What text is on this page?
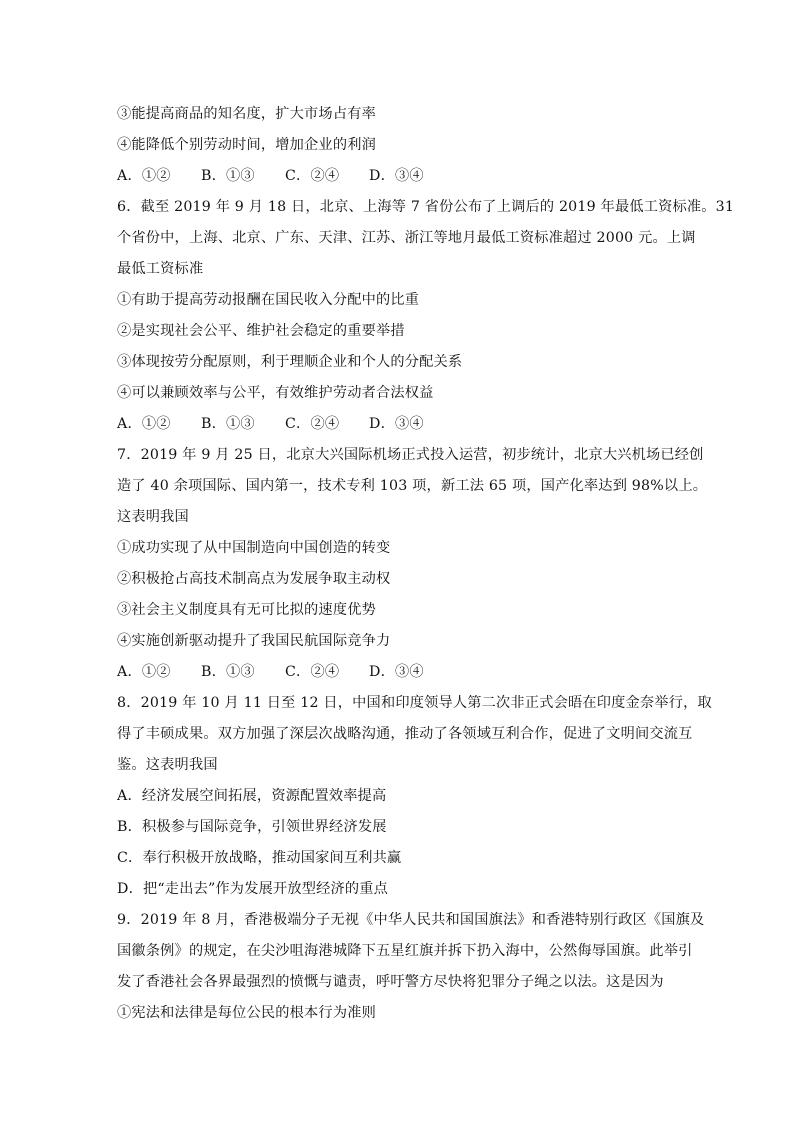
③能提高商品的知名度，扩大市场占有率
④能降低个别劳动时间，增加企业的利润
A．①②	B．①③	C．②④	D．③④
6．截至 2019 年 9 月 18 日，北京、上海等 7 省份公布了上调后的 2019 年最低工资标准。31
个省份中，上海、北京、广东、天津、江苏、浙江等地月最低工资标准超过 2000 元。上调
最低工资标准
①有助于提高劳动报酬在国民收入分配中的比重
②是实现社会公平、维护社会稳定的重要举措
③体现按劳分配原则，利于理顺企业和个人的分配关系
④可以兼顾效率与公平，有效维护劳动者合法权益
A．①②	B．①③	C．②④	D．③④
7．2019 年 9 月 25 日，北京大兴国际机场正式投入运营，初步统计，北京大兴机场已经创
造了 40 余项国际、国内第一，技术专利 103 项，新工法 65 项，国产化率达到 98%以上。
这表明我国
①成功实现了从中国制造向中国创造的转变
②积极抢占高技术制高点为发展争取主动权
③社会主义制度具有无可比拟的速度优势
④实施创新驱动提升了我国民航国际竞争力
A．①②	B．①③	C．②④	D．③④
8．2019 年 10 月 11 日至 12 日，中国和印度领导人第二次非正式会晤在印度金奈举行，取
得了丰硕成果。双方加强了深层次战略沟通，推动了各领域互利合作，促进了文明间交流互
鉴。这表明我国
A．经济发展空间拓展，资源配置效率提高
B．积极参与国际竞争，引领世界经济发展
C．奉行积极开放战略，推动国家间互利共赢
D．把“走出去”作为发展开放型经济的重点
9．2019 年 8 月，香港极端分子无视《中华人民共和国国旗法》和香港特别行政区《国旗及
国徽条例》的规定，在尖沙咀海港城降下五星红旗并拆下扔入海中，公然侮辱国旗。此举引
发了香港社会各界最强烈的愤慨与谴责，呼吁警方尽快将犯罪分子绳之以法。这是因为
①宪法和法律是每位公民的根本行为准则
